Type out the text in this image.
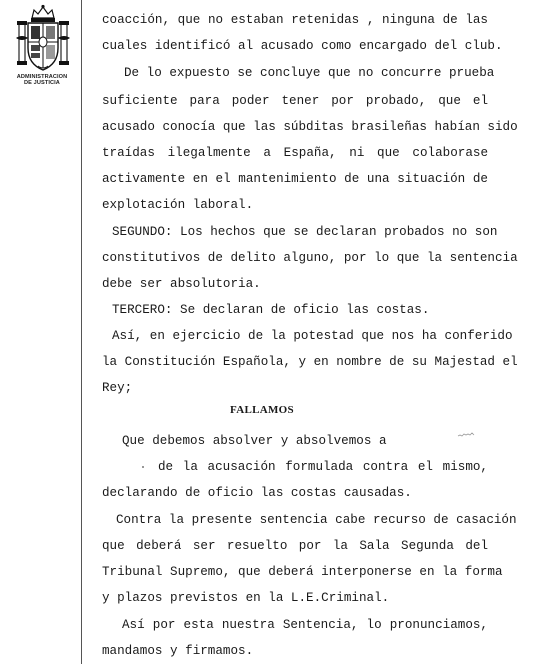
ADMINISTRACION
DE JUSTICIA
coacción, que no estaban retenidas , ninguna de las
cuales identificó al acusado como encargado del club.
De lo expuesto se concluye que no concurre prueba
suficiente para poder tener por probado, que el
acusado conocía que las súbditas brasileñas habían sido
traídas ilegalmente a España, ni que colaborase
activamente en el mantenimiento de una situación de
explotación laboral.
SEGUNDO: Los hechos que se declaran probados no son
constitutivos de delito alguno, por lo que la sentencia
debe ser absolutoria.
TERCERO: Se declaran de oficio las costas.
Así, en ejercicio de la potestad que nos ha conferido
la Constitución Española, y en nombre de su Majestad el
Rey;
FALLAMOS
Que debemos absolver y absolvemos a
de la acusación formulada contra el mismo,
declarando de oficio las costas causadas.
Contra la presente sentencia cabe recurso de casación
que deberá ser resuelto por la Sala Segunda del
Tribunal Supremo, que deberá interponerse en la forma
y plazos previstos en la L.E.Criminal.
Así por esta nuestra Sentencia, lo pronunciamos,
mandamos y firmamos.
